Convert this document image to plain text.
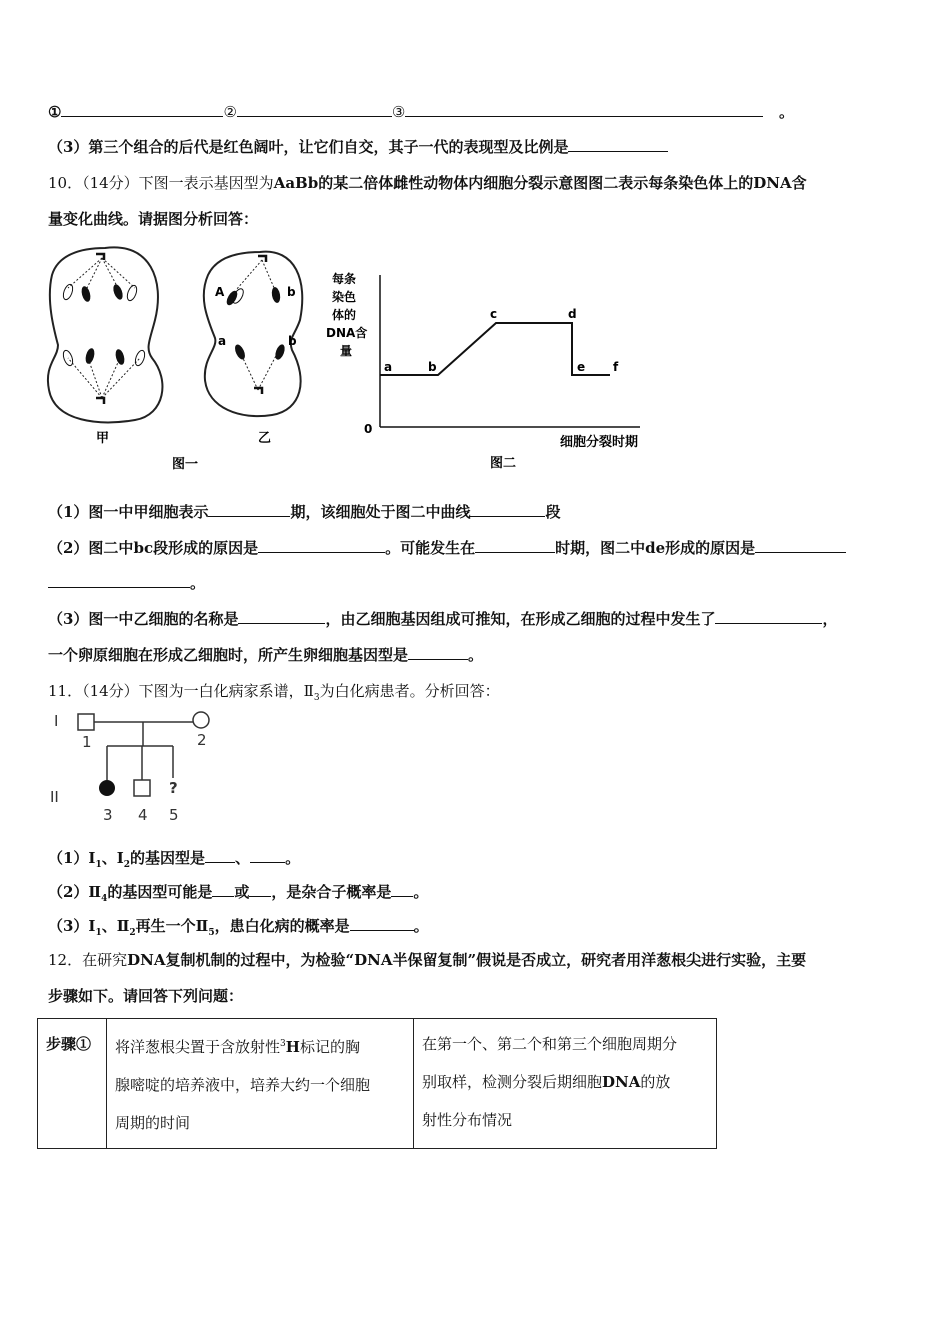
①	②	③	。
（3）第三个组合的后代是红色阔叶，让它们自交，其子一代的表现型及比例是
10．（14分）下图一表示基因型为AaBb的某二倍体雌性动物体内细胞分裂示意图图二表示每条染色体上的DNA含
量变化曲线。请据图分析回答：
A	b
a	b
甲	乙
图一
每条
染色
体的
DNA含
量
a	b
c	d
e f
0
细胞分裂时期
图二
（1）图一中甲细胞表示	期，该细胞处于图二中曲线	段
（2）图二中bc段形成的原因是	。可能发生在	时期，图二中de形成的原因是
。
（3）图一中乙细胞的名称是	，由乙细胞基因组成可推知，在形成乙细胞的过程中发生了	，
一个卵原细胞在形成乙细胞时，所产生卵细胞基因型是	。
11．（14分）下图为一白化病家系谱，$Ⅱ_3$为白化病患者。分析回答：
I
II
1	2
3 4 5
?
$(1)Ⅰ_1$、$Ⅰ_2$的基因型是 、 。
$(2)Ⅱ_4$的基因型可能是 或 ，是杂合子概率是 。
$(3)Ⅰ_1$、$Ⅱ_2$再生一个$Ⅱ_5$，患白化病的概率是	。
12．在研究DNA复制机制的过程中，为检验“DNA半保留复制”假说是否成立，研究者用洋葱根尖进行实验，主要
步骤如下。请回答下列问题：
步骤①	将洋葱根尖置于含放射性$^3$H标记的胸
腺嘧啶的培养液中，培养大约一个细胞
周期的时间	在第一个、第二个和第三个细胞周期分
别取样，检测分裂后期细胞DNA的放
射性分布情况
